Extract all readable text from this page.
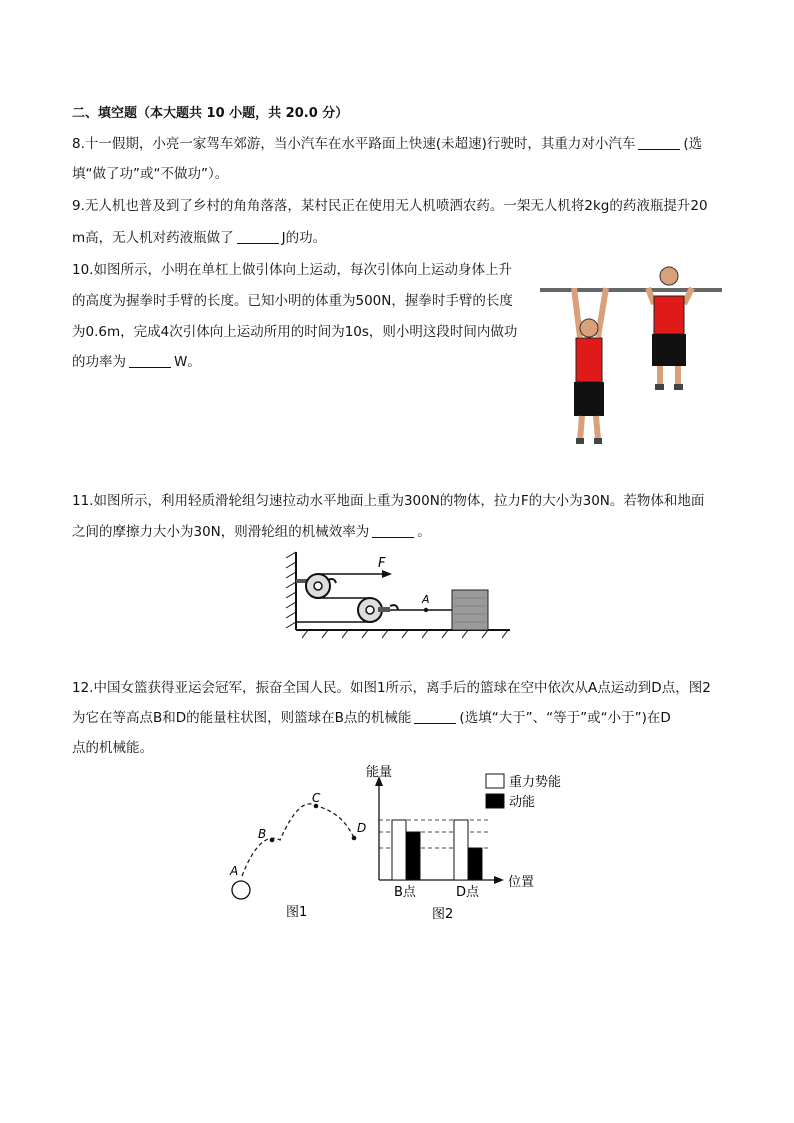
二、填空题（本大题共 10 小题，共 20.0 分）
8.十一假期，小亮一家驾车郊游，当小汽车在水平路面上快速(未超速)行驶时，其重力对小汽车	(选
填“做了功”或“不做功”）。
9.无人机也普及到了乡村的角角落落，某村民正在使用无人机喷洒农药。一架无人机将2kg的药液瓶提升20
m高，无人机对药液瓶做了	J的功。
10.如图所示，小明在单杠上做引体向上运动，每次引体向上运动身体上升
的高度为握拳时手臂的长度。已知小明的体重为500N，握拳时手臂的长度
为0.6m，完成4次引体向上运动所用的时间为10s，则小明这段时间内做功
的功率为	W。
11.如图所示，利用轻质滑轮组匀速拉动水平地面上重为300N的物体，拉力F的大小为30N。若物体和地面
之间的摩擦力大小为30N，则滑轮组的机械效率为	。
F
A
12.中国女篮获得亚运会冠军，振奋全国人民。如图1所示，离手后的篮球在空中依次从A点运动到D点，图2
为它在等高点B和D的能量柱状图，则篮球在B点的机械能	(选填“大于”、“等于”或“小于”)在D
点的机械能。
A
B
C
D
图1
能量
位置
B点	D点
重力势能
动能
图2
